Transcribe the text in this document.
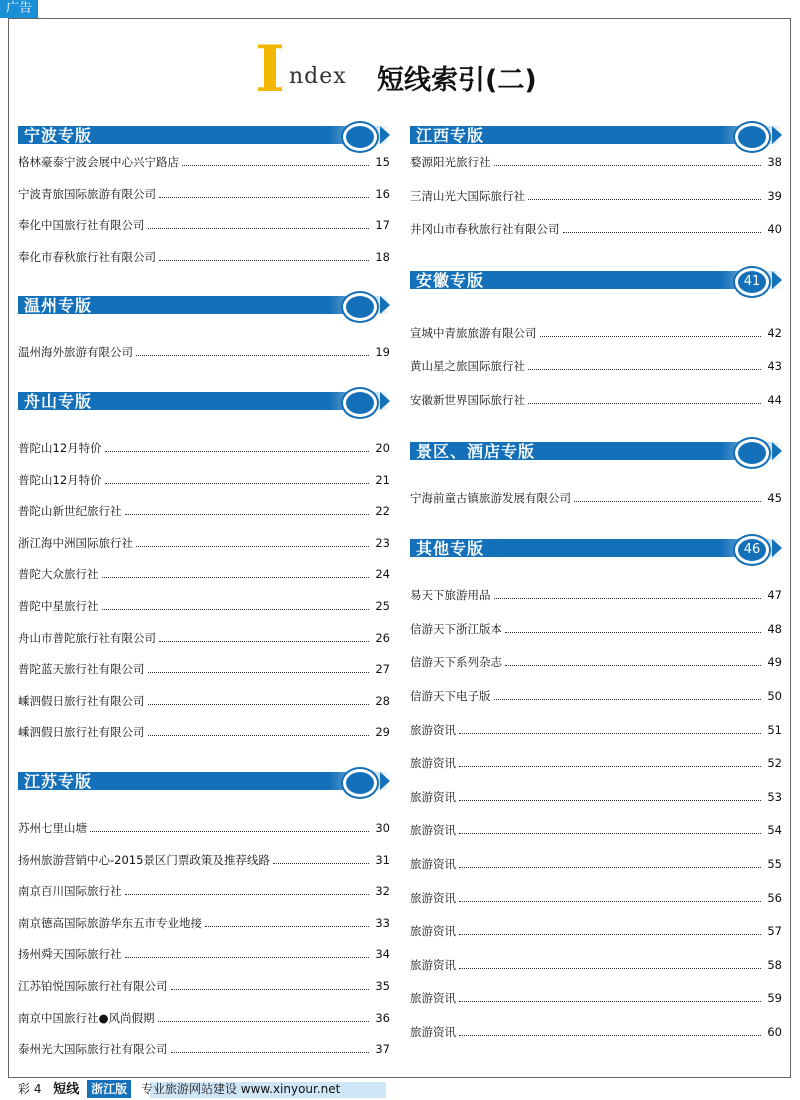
广告
I ndex 短线索引(二)
宁波专版
格林豪泰宁波会展中心兴宁路店	15
宁波青旅国际旅游有限公司	16
奉化中国旅行社有限公司	17
奉化市春秋旅行社有限公司	18
温州专版
温州海外旅游有限公司	19
舟山专版
普陀山12月特价	20
普陀山12月特价	21
普陀山新世纪旅行社	22
浙江海中洲国际旅行社	23
普陀大众旅行社	24
普陀中星旅行社	25
舟山市普陀旅行社有限公司	26
普陀蓝天旅行社有限公司	27
嵊泗假日旅行社有限公司	28
嵊泗假日旅行社有限公司	29
江苏专版
苏州七里山塘	30
扬州旅游营销中心-2015景区门票政策及推荐线路	31
南京百川国际旅行社	32
南京德高国际旅游华东五市专业地接	33
扬州舜天国际旅行社	34
江苏铂悦国际旅行社有限公司	35
南京中国旅行社●风尚假期	36
泰州光大国际旅行社有限公司	37
江西专版
婺源阳光旅行社	38
三清山光大国际旅行社	39
井冈山市春秋旅行社有限公司	40
安徽专版	41
宣城中青旅旅游有限公司	42
黄山星之旅国际旅行社	43
安徽新世界国际旅行社	44
景区、酒店专版
宁海前童古镇旅游发展有限公司	45
其他专版	46
易天下旅游用品	47
信游天下浙江版本	48
信游天下系列杂志	49
信游天下电子版	50
旅游资讯	51
旅游资讯	52
旅游资讯	53
旅游资讯	54
旅游资讯	55
旅游资讯	56
旅游资讯	57
旅游资讯	58
旅游资讯	59
旅游资讯	60
彩 4 短线 浙江版 专业旅游网站建设 www.xinyour.net
